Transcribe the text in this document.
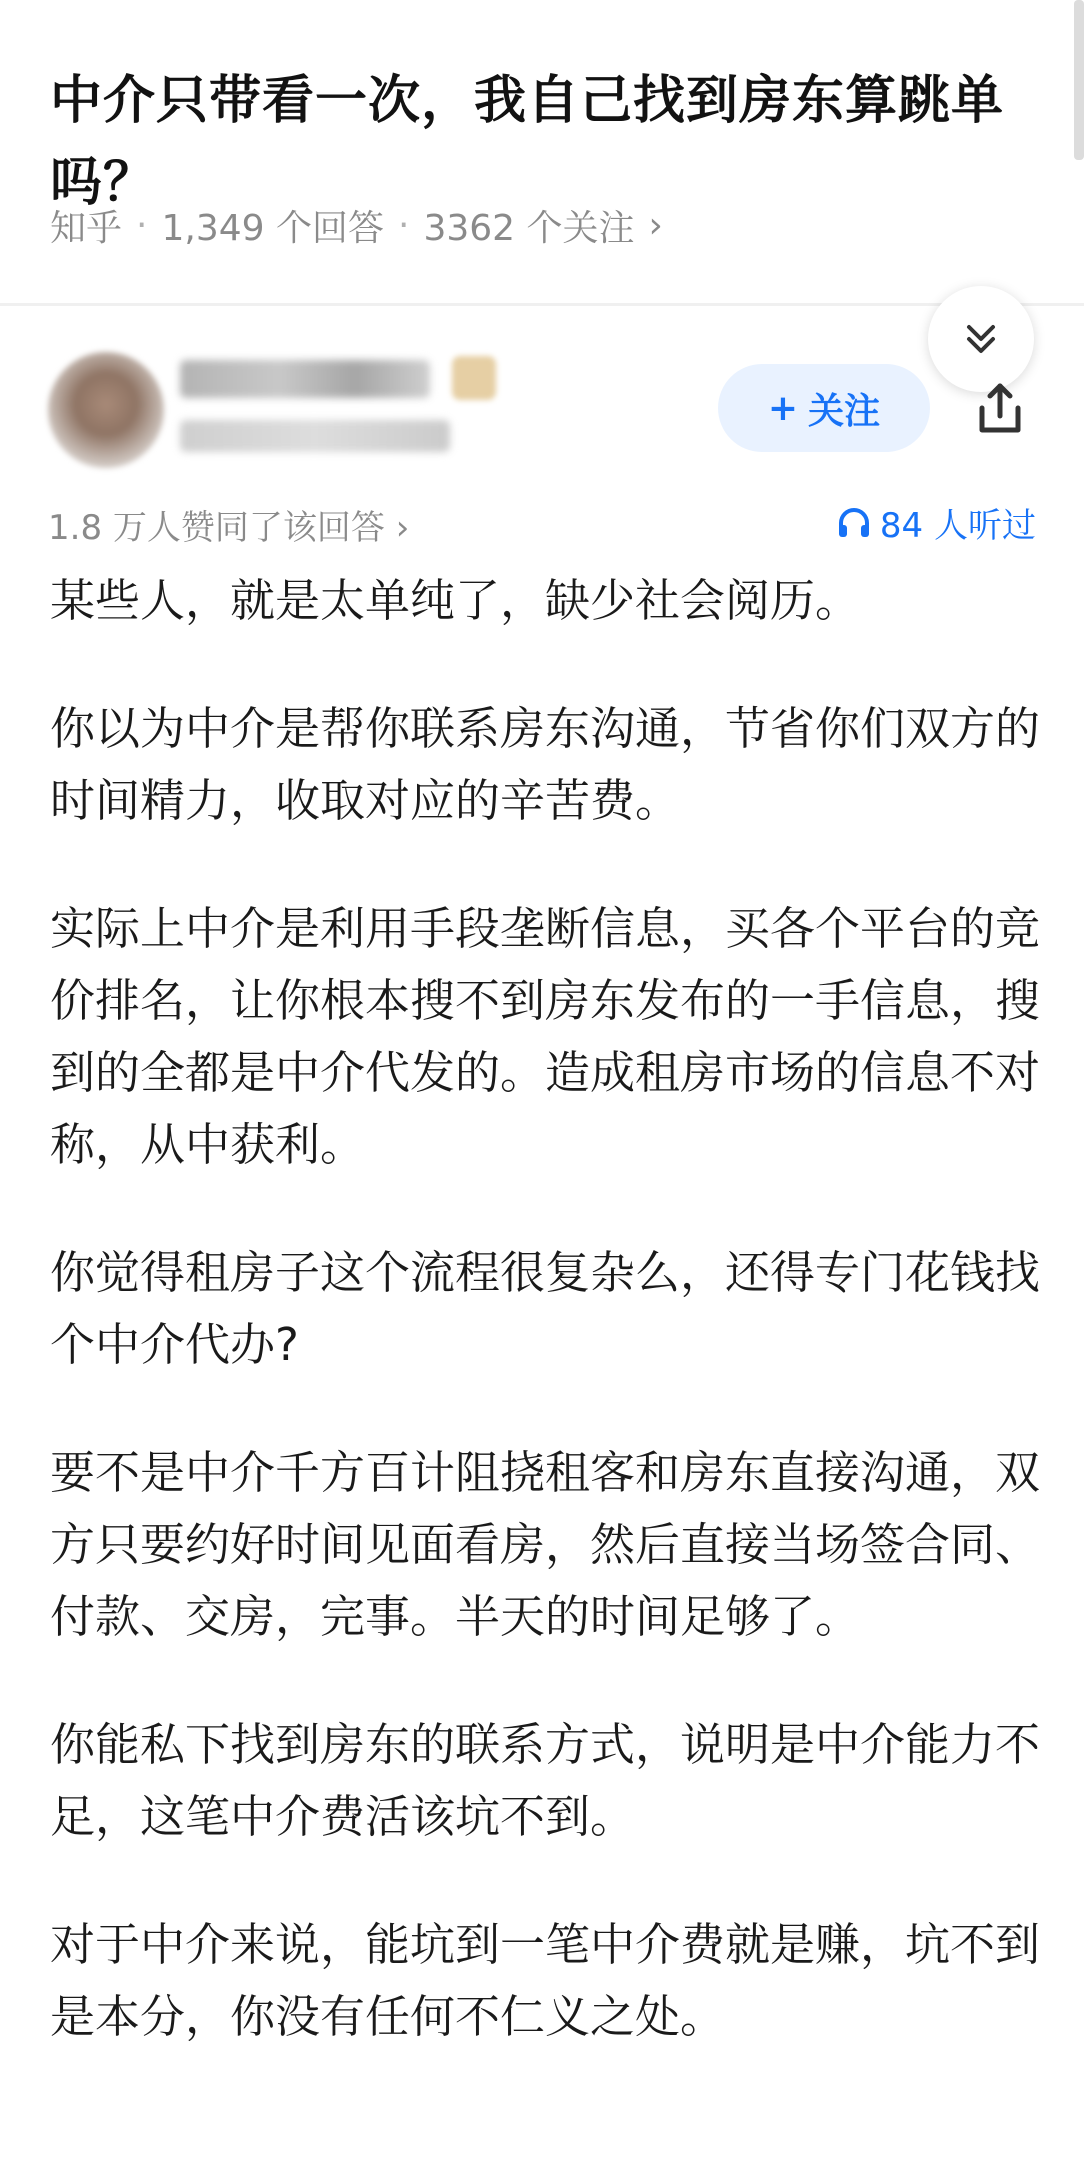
中介只带看一次，我自己找到房东算跳单吗？
知乎 · 1,349 个回答 · 3362 个关注 ›
+ 关注
1.8 万人赞同了该回答 ›	84 人听过

某些人，就是太单纯了，缺少社会阅历。

你以为中介是帮你联系房东沟通，节省你们双方的时间精力，收取对应的辛苦费。

实际上中介是利用手段垄断信息，买各个平台的竞价排名，让你根本搜不到房东发布的一手信息，搜到的全都是中介代发的。造成租房市场的信息不对称，从中获利。

你觉得租房子这个流程很复杂么，还得专门花钱找个中介代办?

要不是中介千方百计阻挠租客和房东直接沟通，双方只要约好时间见面看房，然后直接当场签合同、付款、交房，完事。半天的时间足够了。

你能私下找到房东的联系方式，说明是中介能力不足，这笔中介费活该坑不到。

对于中介来说，能坑到一笔中介费就是赚，坑不到是本分，你没有任何不仁义之处。
